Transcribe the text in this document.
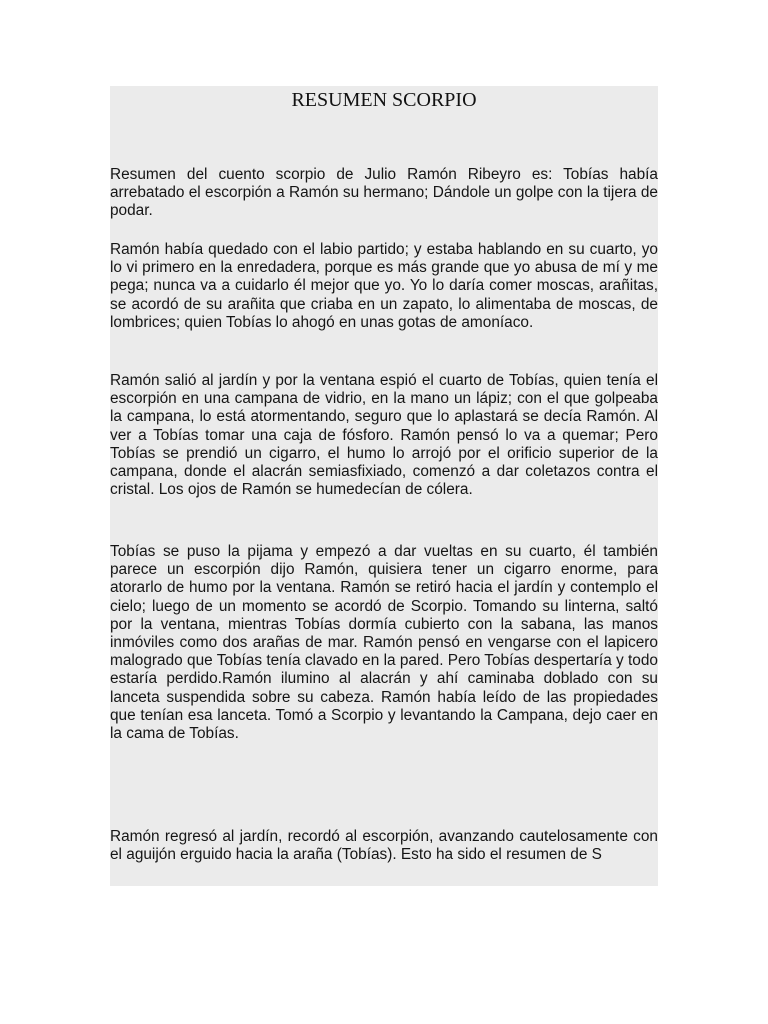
RESUMEN SCORPIO

Resumen del cuento scorpio de Julio Ramón Ribeyro es: Tobías había arrebatado el escorpión a Ramón su hermano; Dándole un golpe con la tijera de podar.

Ramón había quedado con el labio partido; y estaba hablando en su cuarto, yo lo vi primero en la enredadera, porque es más grande que yo abusa de mí y me pega; nunca va a cuidarlo él mejor que yo. Yo lo daría comer moscas, arañitas, se acordó de su arañita que criaba en un zapato, lo alimentaba de moscas, de lombrices; quien Tobías lo ahogó en unas gotas de amoníaco.

Ramón salió al jardín y por la ventana espió el cuarto de Tobías, quien tenía el escorpión en una campana de vidrio, en la mano un lápiz; con el que golpeaba la campana, lo está atormentando, seguro que lo aplastará se decía Ramón. Al ver a Tobías tomar una caja de fósforo. Ramón pensó lo va a quemar; Pero Tobías se prendió un cigarro, el humo lo arrojó por el orificio superior de la campana, donde el alacrán semiasfixiado, comenzó a dar coletazos contra el cristal. Los ojos de Ramón se humedecían de cólera.

Tobías se puso la pijama y empezó a dar vueltas en su cuarto, él también parece un escorpión dijo Ramón, quisiera tener un cigarro enorme, para atorarlo de humo por la ventana. Ramón se retiró hacia el jardín y contemplo el cielo; luego de un momento se acordó de Scorpio. Tomando su linterna, saltó por la ventana, mientras Tobías dormía cubierto con la sabana, las manos inmóviles como dos arañas de mar. Ramón pensó en vengarse con el lapicero malogrado que Tobías tenía clavado en la pared. Pero Tobías despertaría y todo estaría perdido.Ramón ilumino al alacrán y ahí caminaba doblado con su lanceta suspendida sobre su cabeza. Ramón había leído de las propiedades que tenían esa lanceta. Tomó a Scorpio y levantando la Campana, dejo caer en la cama de Tobías.

Ramón regresó al jardín, recordó al escorpión, avanzando cautelosamente con el aguijón erguido hacia la araña (Tobías). Esto ha sido el resumen de S
